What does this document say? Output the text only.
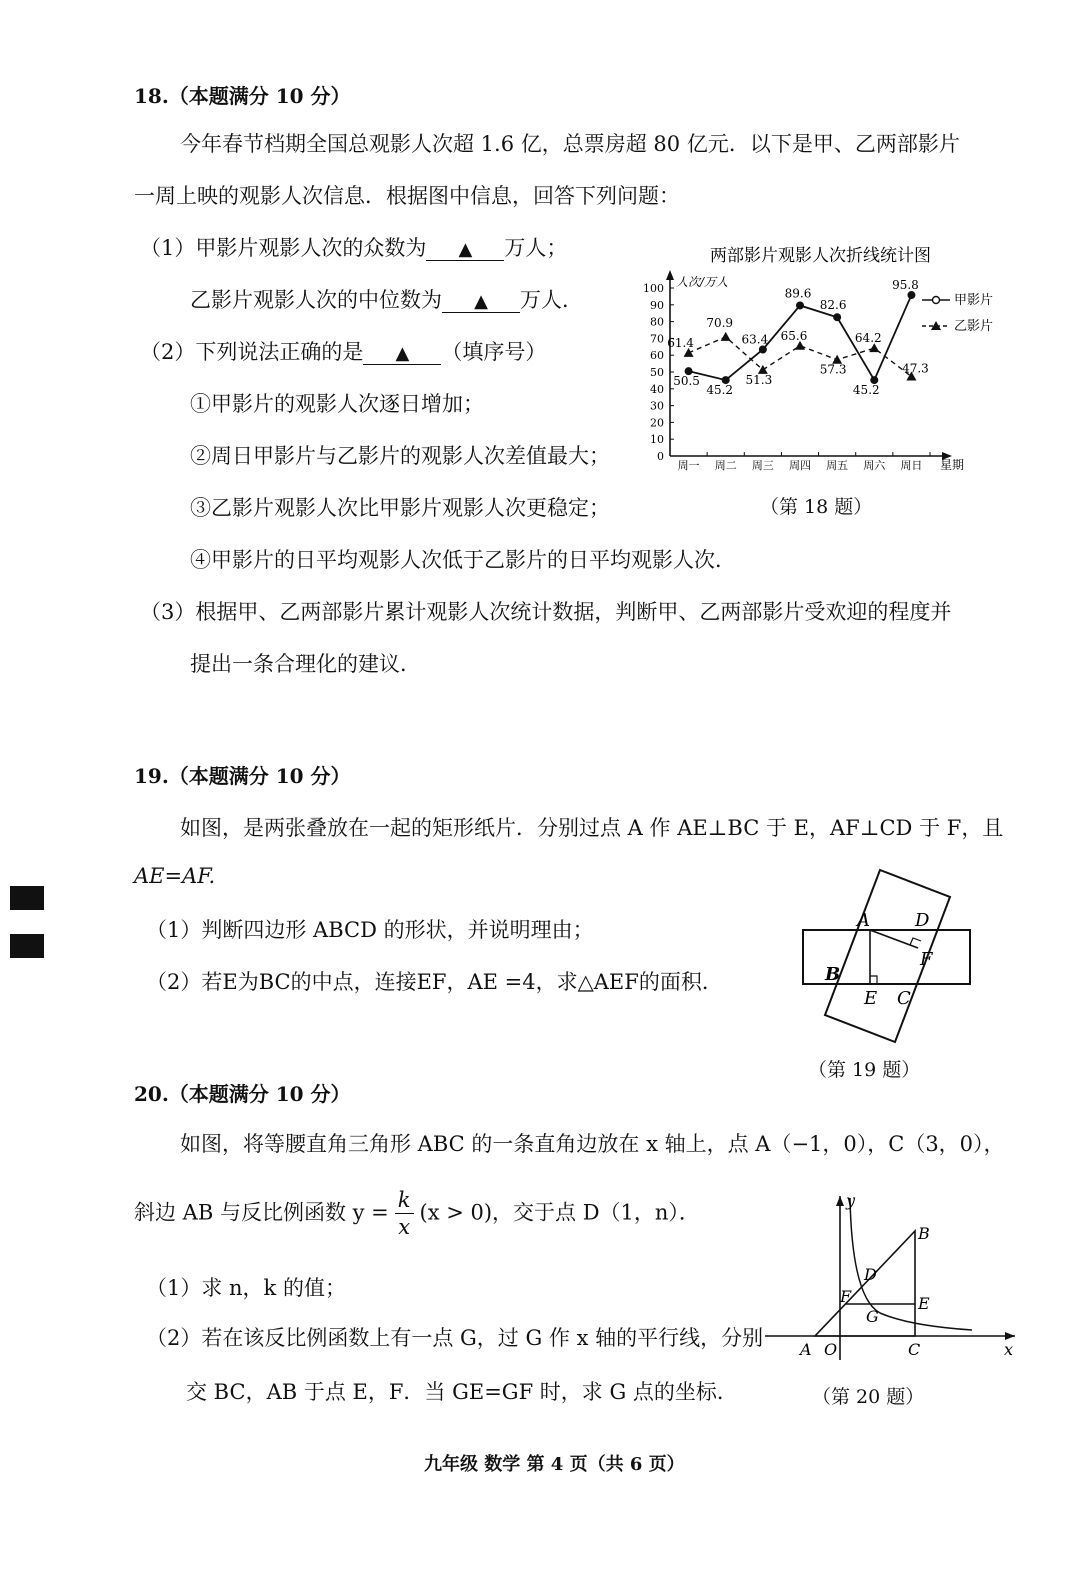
18.（本题满分 10 分）
今年春节档期全国总观影人次超 1.6 亿，总票房超 80 亿元．以下是甲、乙两部影片
一周上映的观影人次信息．根据图中信息，回答下列问题：
（1）甲影片观影人次的众数为 ▲ 万人；
乙影片观影人次的中位数为 ▲ 万人．
（2）下列说法正确的是 ▲ （填序号）
①甲影片的观影人次逐日增加；
②周日甲影片与乙影片的观影人次差值最大；
③乙影片观影人次比甲影片观影人次更稳定；
④甲影片的日平均观影人次低于乙影片的日平均观影人次．
（3）根据甲、乙两部影片累计观影人次统计数据，判断甲、乙两部影片受欢迎的程度并
提出一条合理化的建议．
两部影片观影人次折线统计图
人次/万人
星期
0
10
20
30
40
50
60
70
80
90
100
周一 周二 周三 周四 周五 周六 周日
50.5
45.2
63.4
89.6
82.6
45.2
95.8
61.4
70.9
51.3
65.6
57.3
64.2
47.3
甲影片
乙影片
（第 18 题）
19.（本题满分 10 分）
如图，是两张叠放在一起的矩形纸片．分别过点 A 作 AE⊥BC 于 E，AF⊥CD 于 F，且
AE=AF.
（1）判断四边形 ABCD 的形状，并说明理由；
（2）若E为BC的中点，连接EF，AE =4，求△AEF的面积．
A	D
F
B
E C
（第 19 题）
20.（本题满分 10 分）
如图，将等腰直角三角形 ABC 的一条直角边放在 x 轴上，点 A（−1，0），C（3，0），
斜边 AB 与反比例函数 $y = \frac{k}{x} (x > 0)$，交于点 D（1，n）．
（1）求 n，k 的值；
（2）若在该反比例函数上有一点 G，过 G 作 x 轴的平行线，分别
交 BC，AB 于点 E，F．当 GE=GF 时，求 G 点的坐标．
y
B
D
F	E
G
A O	C	x
（第 20 题）
九年级 数学 第 4 页（共 6 页）
